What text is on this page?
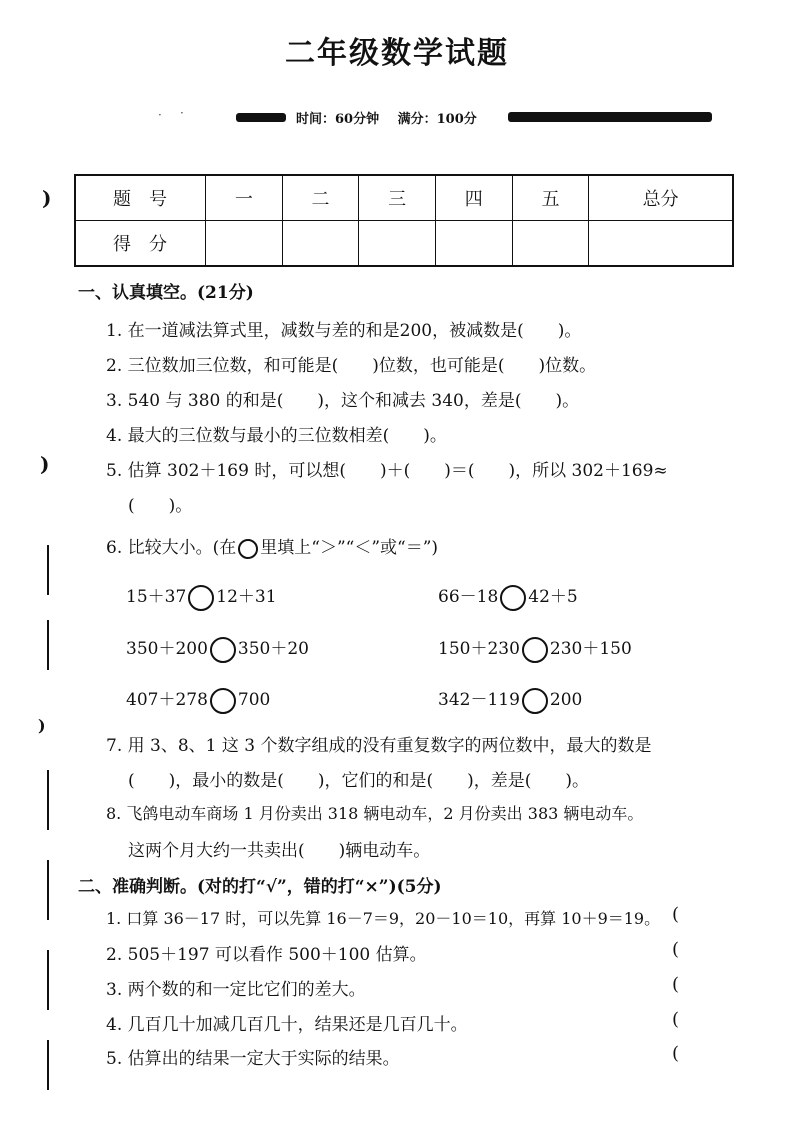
二年级数学试题
· ·	时间：60分钟 满分：100分
)
)
)
题号	一	二	三	四	五	总分
得分						
一、认真填空。(21分)
1. 在一道减法算式里，减数与差的和是200，被减数是(　　)。
2. 三位数加三位数，和可能是(　　)位数，也可能是(　　)位数。
3. 540 与 380 的和是(　　)，这个和减去 340，差是(　　)。
4. 最大的三位数与最小的三位数相差(　　)。
5. 估算 302＋169 时，可以想(　　)＋(　　)＝(　　)，所以 302＋169≈
(　　)。
6. 比较大小。(在 里填上“＞”“＜”或“＝”)
15＋37 12＋31	66－18 42＋5
350＋200 350＋20	150＋230 230＋150
407＋278 700	342－119 200
7. 用 3、8、1 这 3 个数字组成的没有重复数字的两位数中，最大的数是
(　　)，最小的数是(　　)，它们的和是(　　)，差是(　　)。
8. 飞鸽电动车商场 1 月份卖出 318 辆电动车，2 月份卖出 383 辆电动车。
这两个月大约一共卖出(　　)辆电动车。
二、准确判断。(对的打“√”，错的打“×”)(5分)
1. 口算 36－17 时，可以先算 16－7＝9，20－10＝10，再算 10＋9＝19。
2. 505＋197 可以看作 500＋100 估算。
3. 两个数的和一定比它们的差大。
4. 几百几十加减几百几十，结果还是几百几十。
5. 估算出的结果一定大于实际的结果。
(
(
(
(
(
